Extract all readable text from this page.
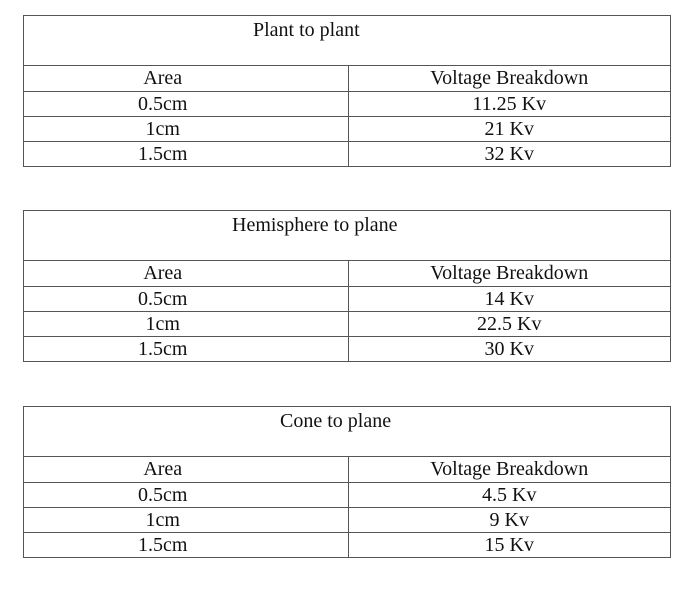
Plant to plant
Area	Voltage Breakdown
0.5cm	11.25 Kv
1cm	21 Kv
1.5cm	32 Kv
Hemisphere to plane
Area	Voltage Breakdown
0.5cm	14 Kv
1cm	22.5 Kv
1.5cm	30 Kv
Cone to plane
Area	Voltage Breakdown
0.5cm	4.5 Kv
1cm	9 Kv
1.5cm	15 Kv
